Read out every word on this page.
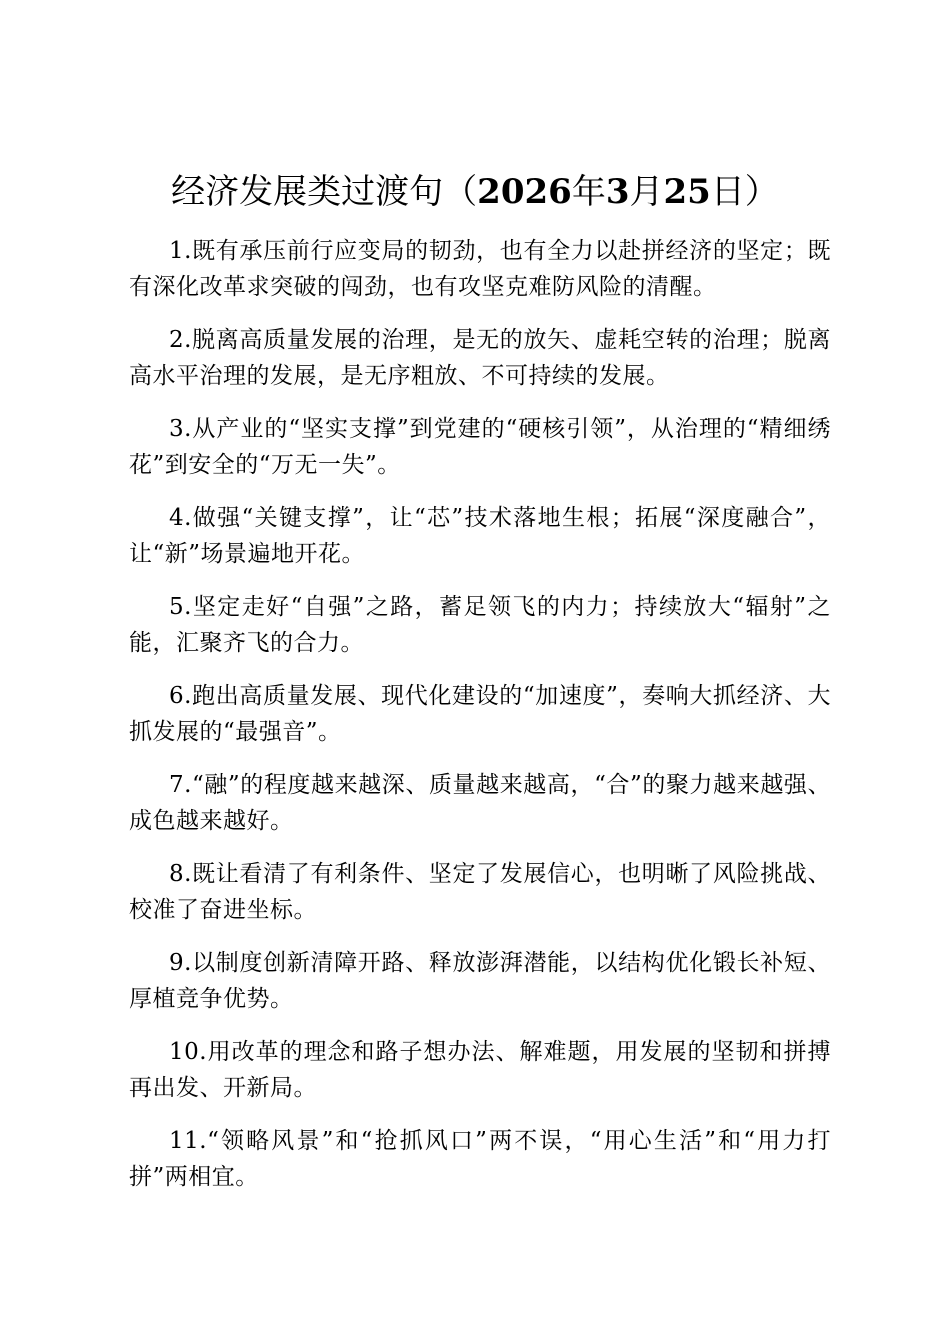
经济发展类过渡句（2026年3月25日）

1.既有承压前行应变局的韧劲，也有全力以赴拼经济的坚定；既有深化改革求突破的闯劲，也有攻坚克难防风险的清醒。

2.脱离高质量发展的治理，是无的放矢、虚耗空转的治理；脱离高水平治理的发展，是无序粗放、不可持续的发展。

3.从产业的“坚实支撑”到党建的“硬核引领”，从治理的“精细绣花”到安全的“万无一失”。

4.做强“关键支撑”，让“芯”技术落地生根；拓展“深度融合”，让“新”场景遍地开花。

5.坚定走好“自强”之路，蓄足领飞的内力；持续放大“辐射”之能，汇聚齐飞的合力。

6.跑出高质量发展、现代化建设的“加速度”，奏响大抓经济、大抓发展的“最强音”。

7.“融”的程度越来越深、质量越来越高，“合”的聚力越来越强、成色越来越好。

8.既让看清了有利条件、坚定了发展信心，也明晰了风险挑战、校准了奋进坐标。

9.以制度创新清障开路、释放澎湃潜能，以结构优化锻长补短、厚植竞争优势。

10.用改革的理念和路子想办法、解难题，用发展的坚韧和拼搏再出发、开新局。

11.“领略风景”和“抢抓风口”两不误，“用心生活”和“用力打拼”两相宜。
